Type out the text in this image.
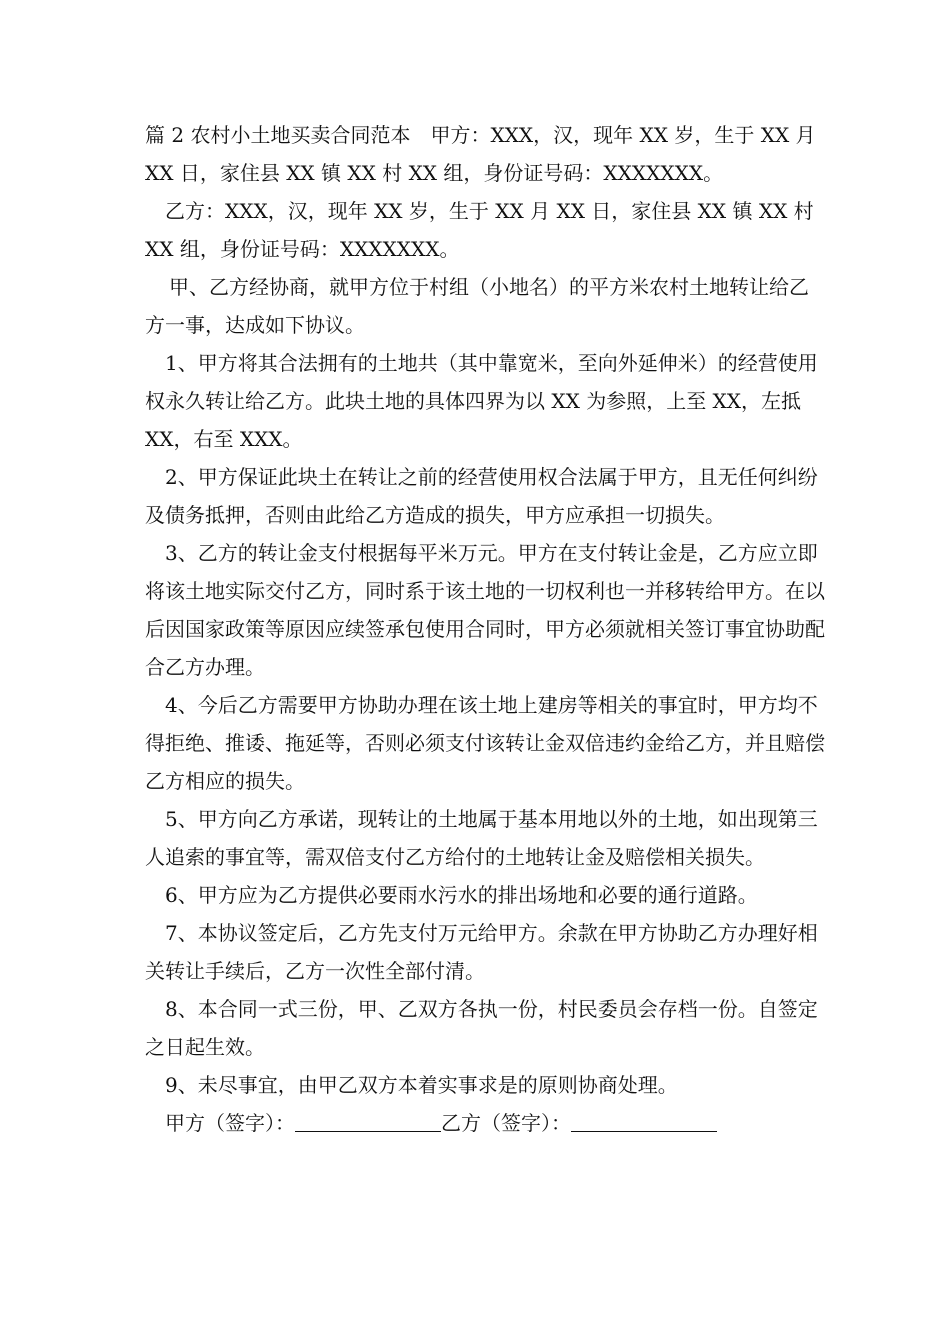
篇 2 农村小土地买卖合同范本　甲方：XXX，汉，现年 XX 岁，生于 XX 月 XX 日，家住县 XX 镇 XX 村 XX 组，身份证号码：XXXXXXX。

乙方：XXX，汉，现年 XX 岁，生于 XX 月 XX 日，家住县 XX 镇 XX 村 XX 组，身份证号码：XXXXXXX。

甲、乙方经协商，就甲方位于村组（小地名）的平方米农村土地转让给乙方一事，达成如下协议。

1、甲方将其合法拥有的土地共（其中靠宽米，至向外延伸米）的经营使用权永久转让给乙方。此块土地的具体四界为以 XX 为参照，上至 XX，左抵 XX，右至 XXX。

2、甲方保证此块土在转让之前的经营使用权合法属于甲方，且无任何纠纷及债务抵押，否则由此给乙方造成的损失，甲方应承担一切损失。

3、乙方的转让金支付根据每平米万元。甲方在支付转让金是，乙方应立即将该土地实际交付乙方，同时系于该土地的一切权利也一并移转给甲方。在以后因国家政策等原因应续签承包使用合同时，甲方必须就相关签订事宜协助配合乙方办理。

4、今后乙方需要甲方协助办理在该土地上建房等相关的事宜时，甲方均不得拒绝、推诿、拖延等，否则必须支付该转让金双倍违约金给乙方，并且赔偿乙方相应的损失。

5、甲方向乙方承诺，现转让的土地属于基本用地以外的土地，如出现第三人追索的事宜等，需双倍支付乙方给付的土地转让金及赔偿相关损失。

6、甲方应为乙方提供必要雨水污水的排出场地和必要的通行道路。

7、本协议签定后，乙方先支付万元给甲方。余款在甲方协助乙方办理好相关转让手续后，乙方一次性全部付清。

8、本合同一式三份，甲、乙双方各执一份，村民委员会存档一份。自签定之日起生效。

9、未尽事宜，由甲乙双方本着实事求是的原则协商处理。

甲方（签字）：	乙方（签字）：
